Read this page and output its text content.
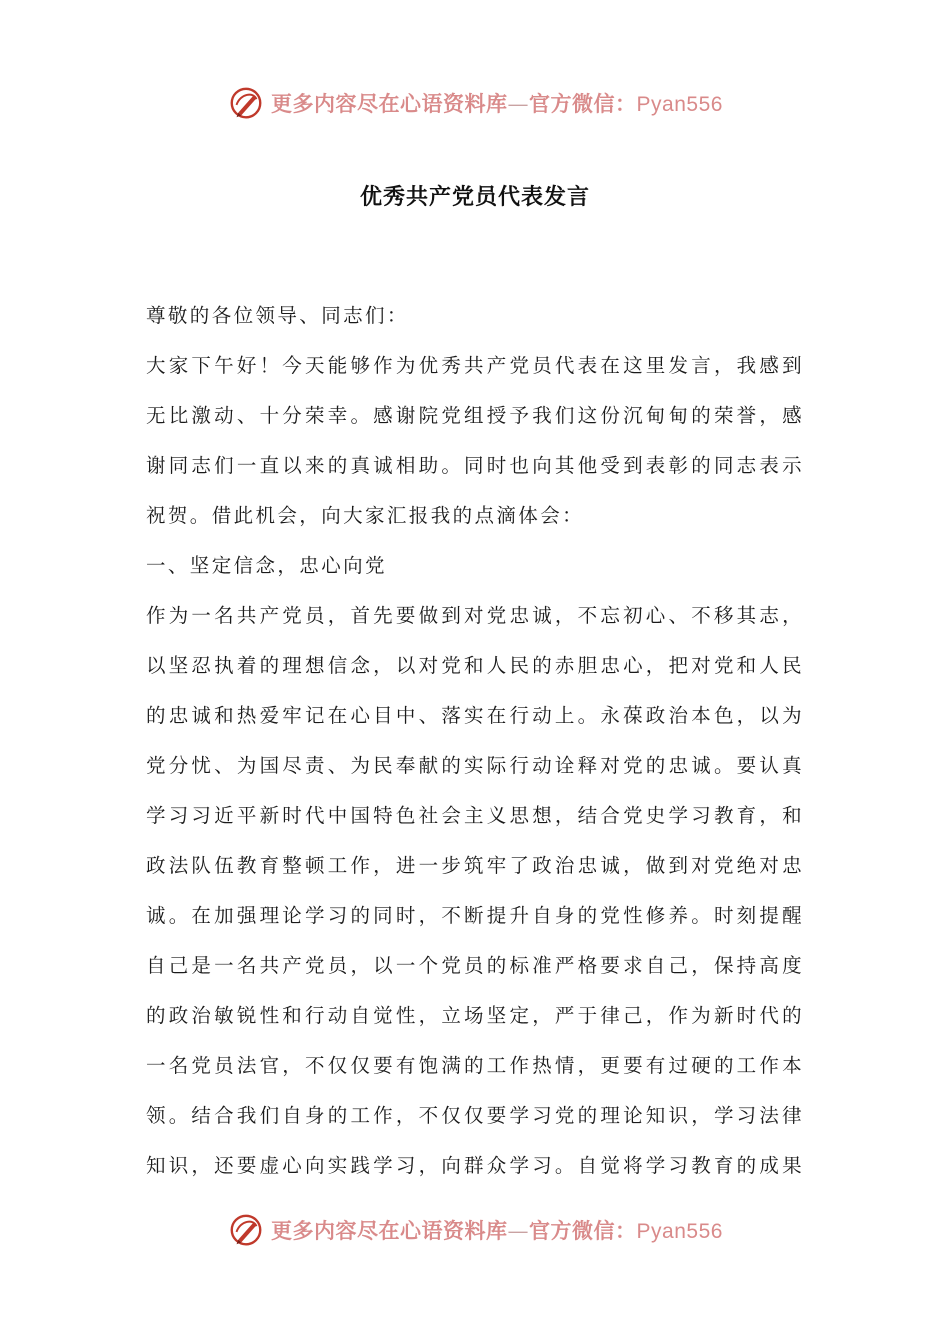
更多内容尽在心语资料库—官方微信：Pyan556
优秀共产党员代表发言
尊敬的各位领导、同志们：
大家下午好！今天能够作为优秀共产党员代表在这里发言，我感到
无比激动、十分荣幸。感谢院党组授予我们这份沉甸甸的荣誉，感
谢同志们一直以来的真诚相助。同时也向其他受到表彰的同志表示
祝贺。借此机会，向大家汇报我的点滴体会：
一、坚定信念，忠心向党
作为一名共产党员，首先要做到对党忠诚，不忘初心、不移其志，
以坚忍执着的理想信念，以对党和人民的赤胆忠心，把对党和人民
的忠诚和热爱牢记在心目中、落实在行动上。永葆政治本色，以为
党分忧、为国尽责、为民奉献的实际行动诠释对党的忠诚。要认真
学习习近平新时代中国特色社会主义思想，结合党史学习教育，和
政法队伍教育整顿工作，进一步筑牢了政治忠诚，做到对党绝对忠
诚。在加强理论学习的同时，不断提升自身的党性修养。时刻提醒
自己是一名共产党员，以一个党员的标准严格要求自己，保持高度
的政治敏锐性和行动自觉性，立场坚定，严于律己，作为新时代的
一名党员法官，不仅仅要有饱满的工作热情，更要有过硬的工作本
领。结合我们自身的工作，不仅仅要学习党的理论知识，学习法律
知识，还要虚心向实践学习，向群众学习。自觉将学习教育的成果
更多内容尽在心语资料库—官方微信：Pyan556
